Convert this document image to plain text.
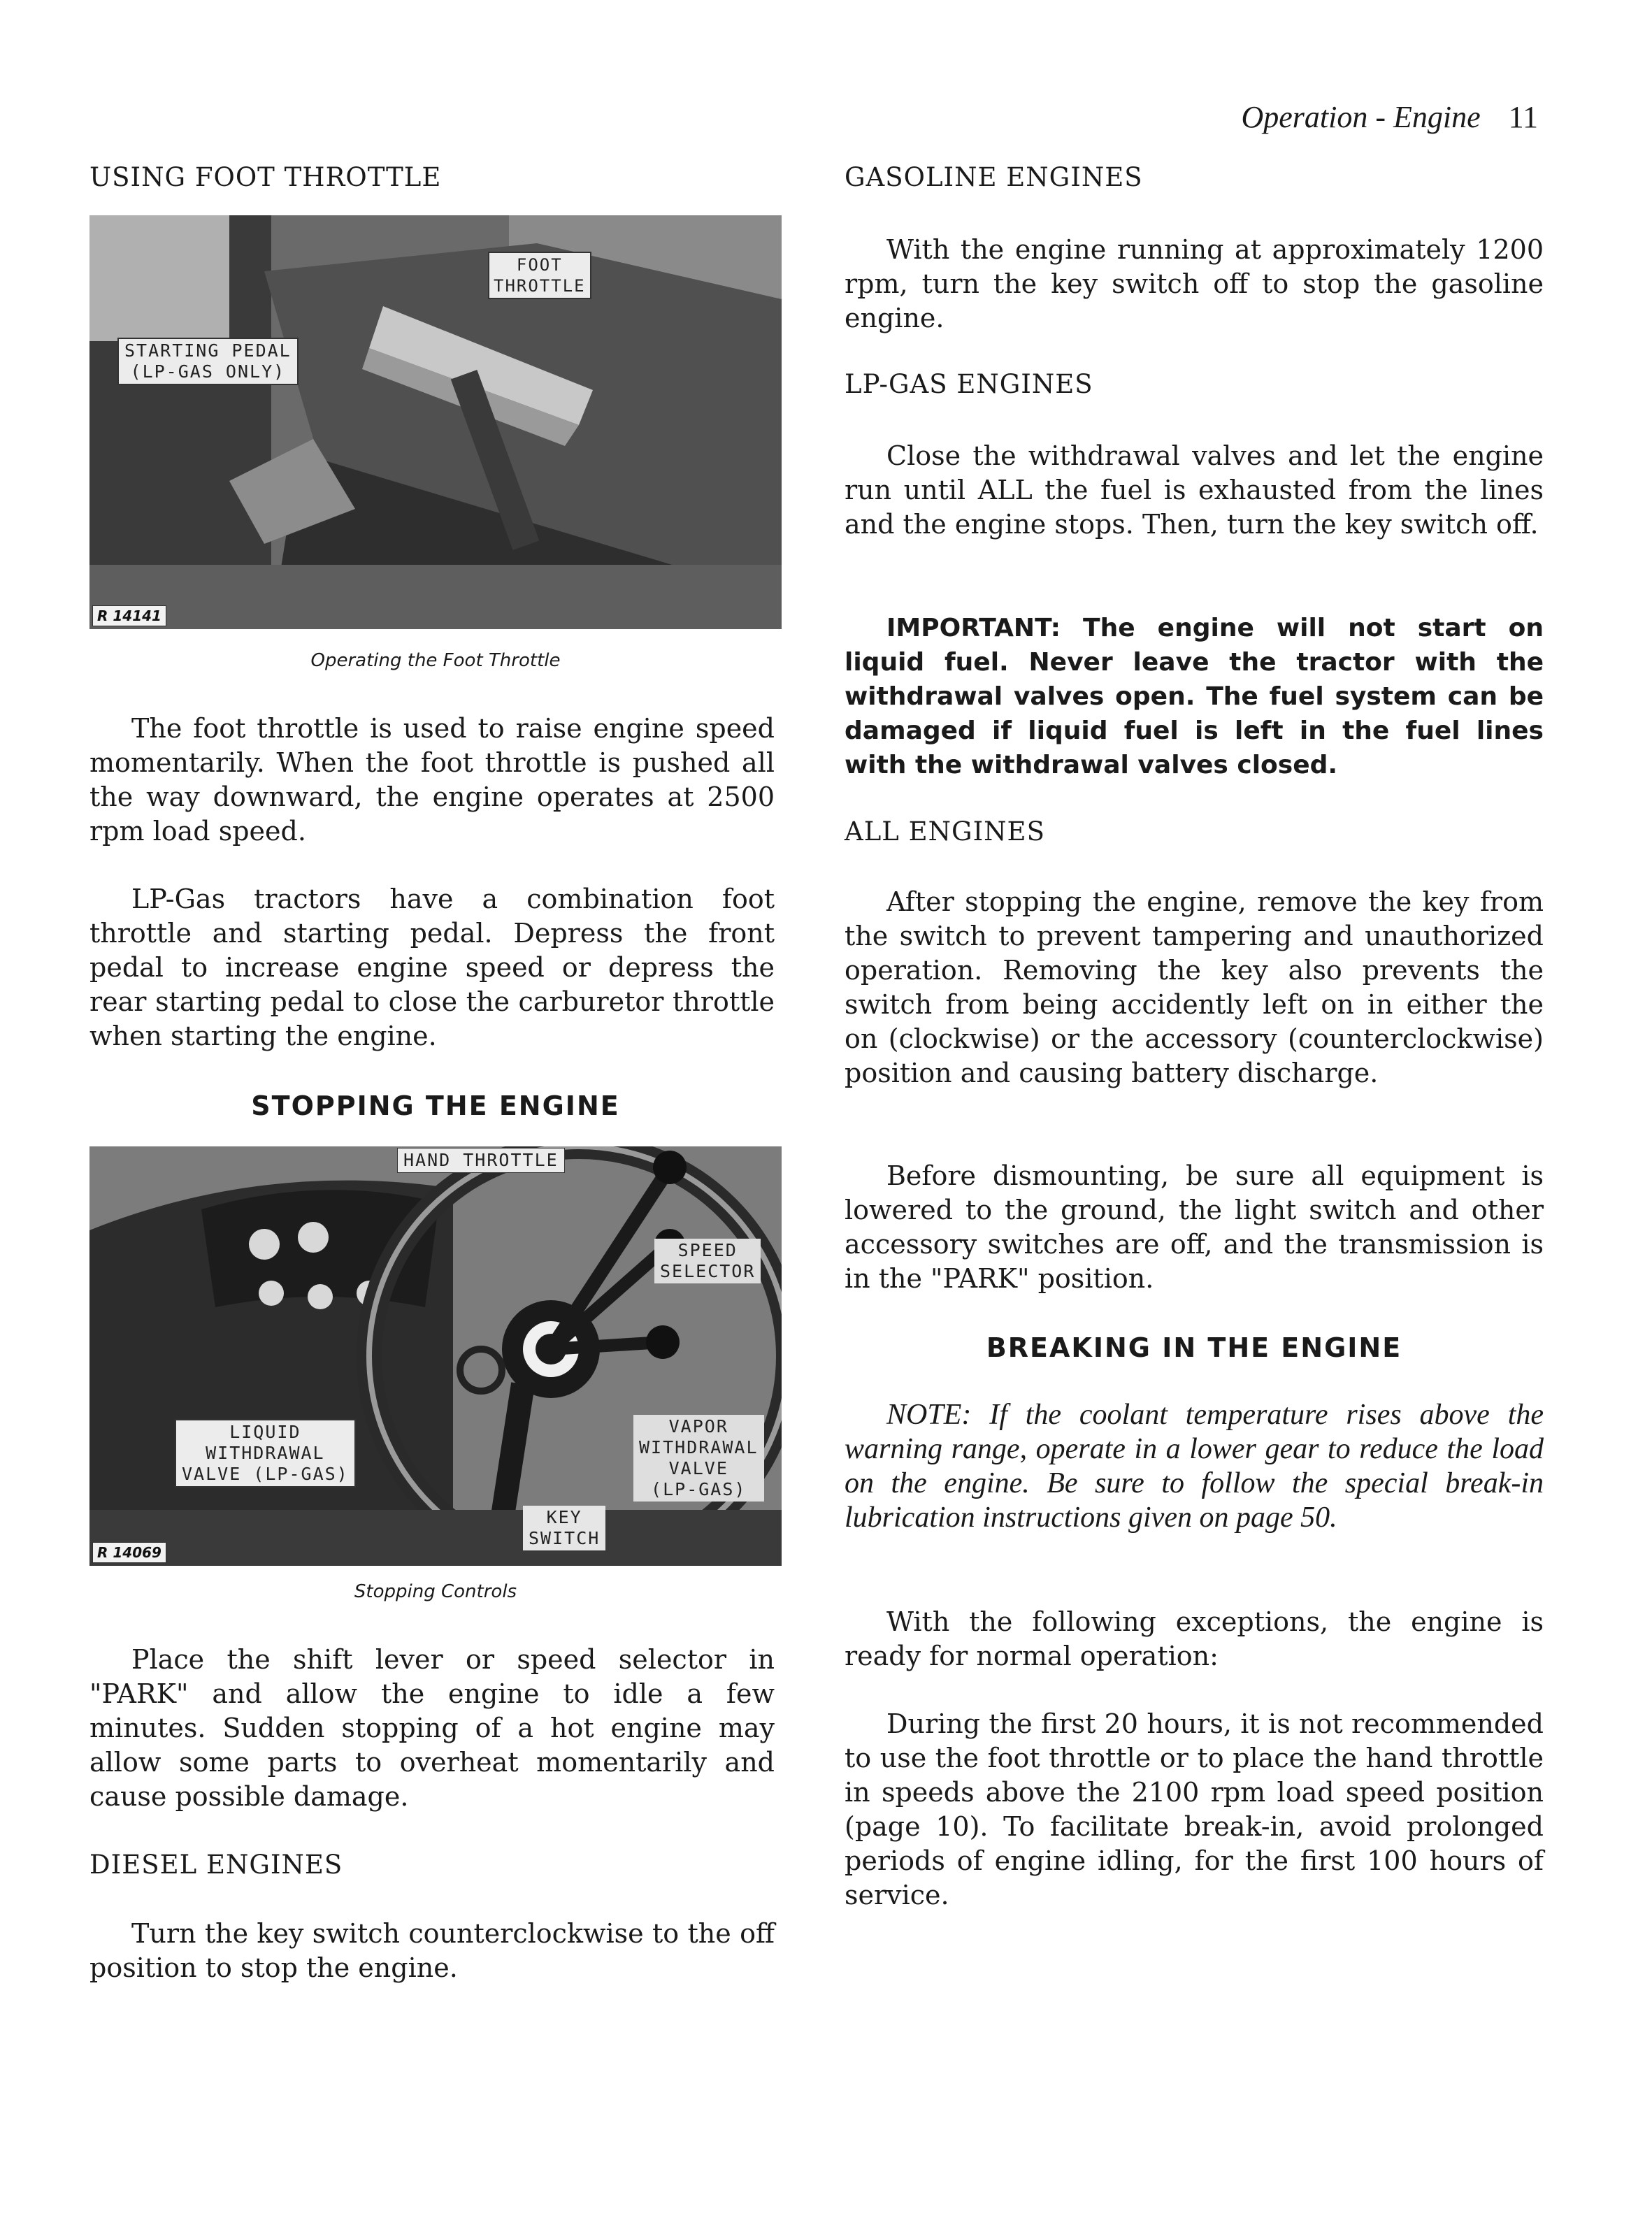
Operation - Engine 11
USING FOOT THROTTLE
FOOT
THROTTLE
STARTING PEDAL
(LP-GAS ONLY)
R 14141
Operating the Foot Throttle

The foot throttle is used to raise engine speed momentarily. When the foot throttle is pushed all the way downward, the engine operates at 2500 rpm load speed.

LP-Gas tractors have a combination foot throttle and starting pedal. Depress the front pedal to increase engine speed or depress the rear starting pedal to close the carburetor throttle when starting the engine.

STOPPING THE ENGINE
HAND THROTTLE
SPEED
SELECTOR
LIQUID
WITHDRAWAL
VALVE (LP-GAS)
VAPOR
WITHDRAWAL
VALVE
(LP-GAS)
KEY
SWITCH
R 14069
Stopping Controls

Place the shift lever or speed selector in "PARK" and allow the engine to idle a few minutes. Sudden stopping of a hot engine may allow some parts to overheat momentarily and cause possible damage.

DIESEL ENGINES

Turn the key switch counterclockwise to the off position to stop the engine.

GASOLINE ENGINES

With the engine running at approximately 1200 rpm, turn the key switch off to stop the gasoline engine.

LP-GAS ENGINES

Close the withdrawal valves and let the engine run until ALL the fuel is exhausted from the lines and the engine stops. Then, turn the key switch off.

IMPORTANT: The engine will not start on liquid fuel. Never leave the tractor with the withdrawal valves open. The fuel system can be damaged if liquid fuel is left in the fuel lines with the withdrawal valves closed.

ALL ENGINES

After stopping the engine, remove the key from the switch to prevent tampering and unauthorized operation. Removing the key also prevents the switch from being accidently left on in either the on (clockwise) or the accessory (counterclockwise) position and causing battery discharge.

Before dismounting, be sure all equipment is lowered to the ground, the light switch and other accessory switches are off, and the transmission is in the "PARK" position.

BREAKING IN THE ENGINE

NOTE: If the coolant temperature rises above the warning range, operate in a lower gear to reduce the load on the engine. Be sure to follow the special break-in lubrication instructions given on page 50.

With the following exceptions, the engine is ready for normal operation:

During the first 20 hours, it is not recommended to use the foot throttle or to place the hand throttle in speeds above the 2100 rpm load speed position (page 10). To facilitate break-in, avoid prolonged periods of engine idling, for the first 100 hours of service.
